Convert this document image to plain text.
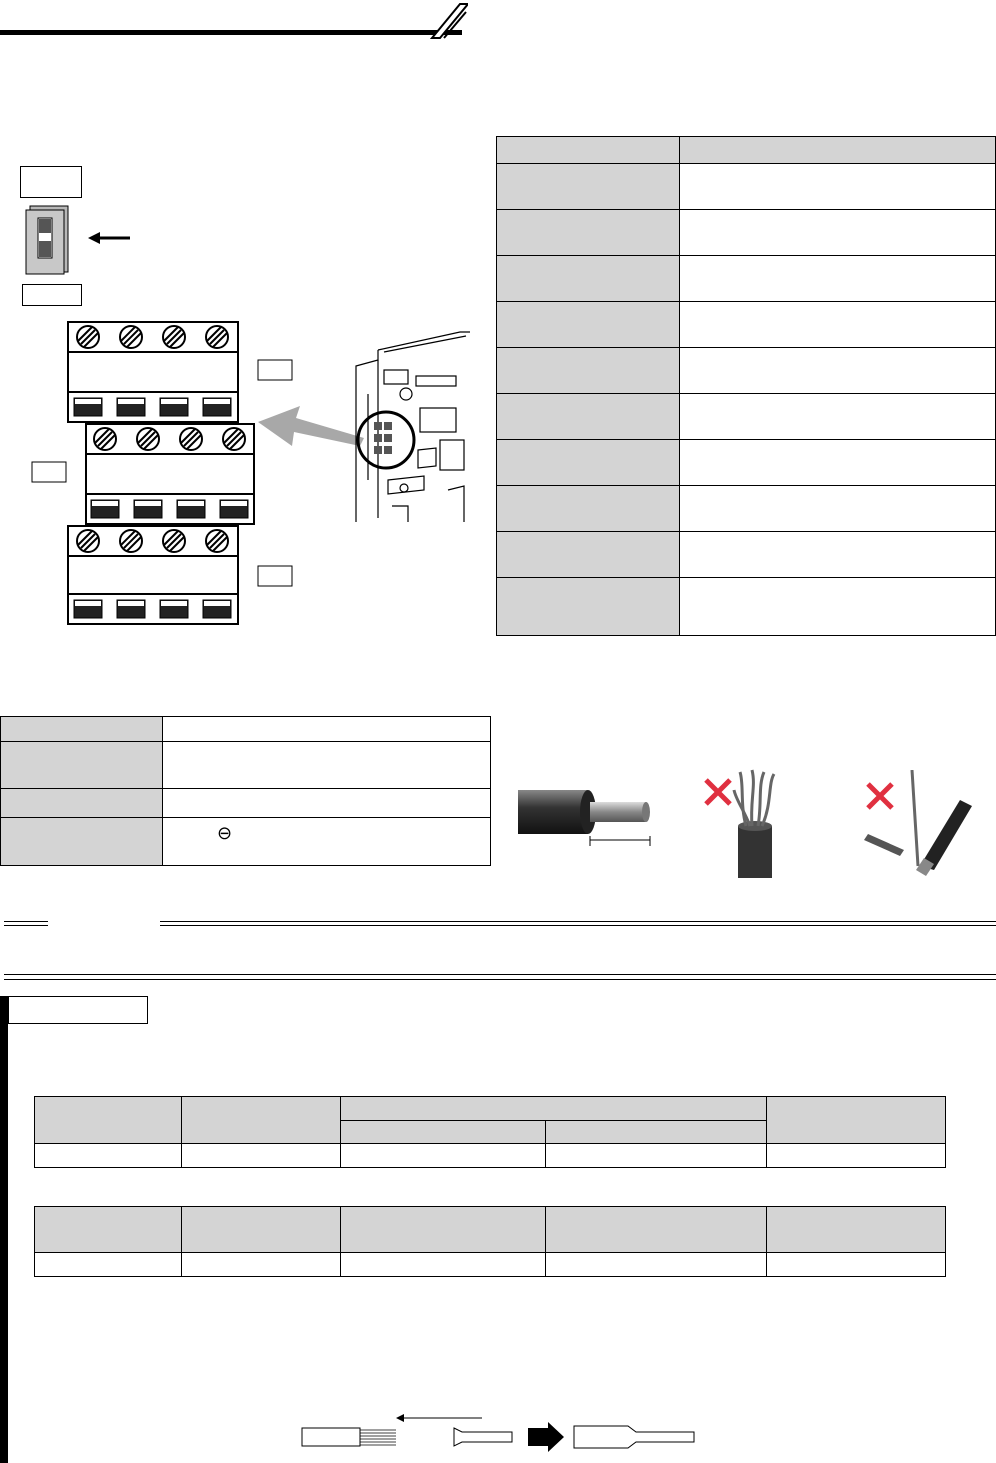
	⊖
